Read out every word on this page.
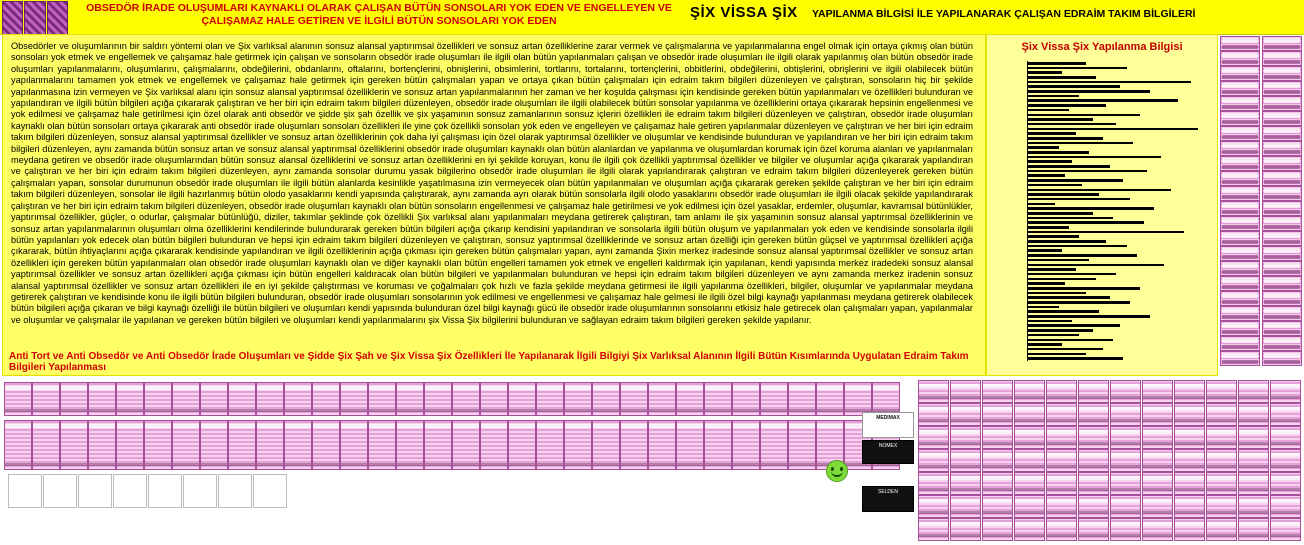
OBSEDÖR İRADE OLUŞUMLARI KAYNAKLI OLARAK ÇALIŞAN BÜTÜN SONSOLARI YOK EDEN VE ENGELLEYEN VE ÇALIŞAMAZ HALE GETİREN VE İLGİLİ BÜTÜN SONSOLARI YOK EDEN	ŞİX VİSSA ŞİX	YAPILANMA BİLGİSİ İLE YAPILANARAK ÇALIŞAN EDRAİM TAKIM BİLGİLERİ
Obsedörler ve oluşumlarının bir saldırı yöntemi olan ve Şix varlıksal alanının sonsuz alansal yaptırımsal özellikleri ve sonsuz artan özelliklerine zarar vermek ve çalışmalarına ve yapılanmalarına engel olmak için ortaya çıkmış olan bütün sonsoları yok etmek ve engellemek ve çalışamaz hale getirmek için çalışan ve sonsoların obsedör irade oluşumları ile ilgili olan bütün yapılanmaları çalışan ve obsedör irade oluşumları ile ilgili olarak yapılanmış olan bütün obsedör irade oluşumları yapılanmalarını, oluşumlarını, çalışmalarını, obdeğilerini, obdanlarını, oftalarını, bortençlerini, obnişlerini, obsimlerini, tortlarını, tortalarını, tortençlerini, obbitlerini, obdeğilerini, obtişlerini, obrişlerini ve ilgili olabilecek bütün yapılanmalarını tamamen yok etmek ve engellemek ve çalışamaz hale getirmek için gereken bütün çalışmaları yapan ve ortaya çıkan bütün çalışmaları için edraim takım bilgileri düzenleyen ve çalıştıran, sonsoların hiç bir şekilde yapılanmasına izin vermeyen ve Şix varlıksal alanı için sonsuz alansal yaptırımsal özelliklerin ve sonsuz artan yapılanmalarının her zaman ve her koşulda çalışması için kendisinde gereken bütün yapılanmaları ve özellikleri bulunduran ve yapılandıran ve ilgili bütün bilgileri açığa çıkararak çalıştıran ve her biri için edraim takım bilgileri düzenleyen, obsedör irade oluşumları ile ilgili olabilecek bütün sonsolar yapılanma ve özelliklerini ortaya çıkararak hepsinin engellenmesi ve yok edilmesi ve çalışamaz hale getirilmesi için özel olarak anti obsedör ve şidde şix şah özellik ve şix yaşamının sonsuz zamanlarının sonsuz içleriri özellikleri ile edraim takım bilgileri düzenleyen ve çalıştıran, obsedör irade oluşumları kaynaklı olan bütün sonsoları ortaya çıkararak anti obsedör irade oluşumları sonsoları özellikleri ile yine çok özellikli sonsoları yok eden ve engelleyen ve çalışamaz hale getiren yapılanmalar düzenleyen ve çalıştıran ve her biri için edraim takım bilgileri düzenleyen, sonsuz alansal yaptırımsal özellikler ve sonsuz artan özelliklerinin çok daha iyi çalışması için özel olarak yaptırımsal özellikler ve oluşumlar ve kendisinde bulunduran ve yapılandıran ve her biri için edraim takım bilgileri düzenleyen, aynı zamanda bütün sonsuz artan ve sonsuz alansal yaptırımsal özelliklerini obsedör irade oluşumları kaynaklı olan bütün alanlardan ve yapılanma ve oluşumlardan korumak için özel koruma alanları ve yapılanmaları meydana getiren ve obsedör irade oluşumlarından bütün sonsuz alansal özelliklerini ve sonsuz artan özelliklerini en iyi şekilde koruyan, konu ile ilgili çok özellikli yaptırımsal özellikler ve bilgiler ve oluşumlar açığa çıkararak yapılandıran ve çalıştıran ve her biri için edraim takım bilgileri düzenleyen, aynı zamanda sonsolar durumu yasak bilgilerino obsedör irade oluşumları ile ilgili olarak yapılandırarak çalıştıran ve edraim takım bilgileri düzenleyerek gereken bütün çalışmaları yapan, sonsolar durumunun obsedör irade oluşumları ile ilgili bütün alanlarda kesinlikle yaşatılmasına izin vermeyecek olan bütün yapılanmaları ve oluşumları açığa çıkararak gereken şekilde çalıştıran ve her biri için edraim takım bilgileri düzenleyen, sonsolar ile ilgili hazırlanmış bütün olodo yasaklarını kendi yapısında çalıştırarak, aynı zamanda ayrı olarak bütün sonsolarla ilgili olodo yasaklarını obsedör irade oluşumları ile ilgili olacak şekilde yapılandırarak çalıştıran ve her biri için edraim takım bilgileri düzenleyen, obsedör irade oluşumları kaynaklı olan bütün sonsoların engellenmesi ve çalışamaz hale getirilmesi ve yok edilmesi için özel yasaklar, erdemler, oluşumlar, kavramsal bütünlükler, yaptırımsal özellikler, güçler, o odurlar, çalışmalar bütünlüğü, diziler, takımlar şeklinde çok özellikli Şix varlıksal alanı yapılanmaları meydana getirerek çalıştıran, tam anlamı ile şix yaşamının sonsuz alansal yaptırımsal özelliklerinin ve sonsuz artan yapılanmalarının oluşumları olma özelliklerini kendilerinde bulundurarak gereken bütün bilgileri açığa çıkarıp kendisini yapılandıran ve sonsolarla ilgili bütün oluşum ve yapılanmaları yok eden ve kendisinde sonsolarla ilgili bütün yapılanları yok edecek olan bütün bilgileri bulunduran ve hepsi için edraim takım bilgileri düzenleyen ve çalıştıran, sonsuz yaptırımsal özelliklerinde ve sonsuz artan özelliği için gereken bütün güçsel ve yaptırımsal özellikleri açığa çıkararak, bütün ihtiyaçlarını açığa çıkararak kendisinde yapılandıran ve ilgili özelliklerinin açığa çıkması için gereken bütün çalışmaları yapan, aynı zamanda Şixin merkez iradesinde sonsuz alansal yaptırımsal özellikler ve sonsuz artan özellikleri için gereken bütün yapılanmaları olan obsedör irade oluşumları kaynaklı olan ve diğer kaynaklı olan bütün engelleri tamamen yok etmek ve engelleri kaldırmak için yapılanan, kendi yapısında merkez iradedeki sonsuz alansal yaptırımsal özellikler ve sonsuz artan özellikleri açığa çıkması için bütün engelleri kaldıracak olan bütün bilgileri ve yapılanmaları bulunduran ve hepsi için edraim takım bilgileri düzenleyen ve aynı zamanda merkez iradenin sonsuz alansal yaptırımsal özellikler ve sonsuz artan özellikleri ile en iyi şekilde çalıştırması ve koruması ve çoğalmaları çok hızlı ve fazla şekilde meydana getirmesi ile ilgili yapılanma özellikleri, bilgiler, oluşumlar ve yapılanmalar meydana getirerek çalıştıran ve kendisinde konu ile ilgili bütün bilgileri bulunduran, obsedör irade oluşumları sonsolarının yok edilmesi ve engellenmesi ve çalışamaz hale gelmesi ile ilgili özel bilgi kaynağı yapılanması meydana getirerek olabilecek bütün bilgileri açığa çıkaran ve bilgi kaynağı özelliği ile bütün bilgileri ve oluşumları kendi yapısında bulunduran özel bilgi kaynağı gücü ile obsedör irade oluşumlarının sonsolarını etkisiz hale getirecek olan çalışmaları yapan, yapılanmalar ve oluşumlar ve çalışmalar ile yapılanan ve gereken bütün bilgileri ve oluşumları kendi yapılanmalarını şix Vissa Şix bilgilerini bulunduran ve sağlayan edraim takım bilgileri gereken şekilde yapılanır.
Anti Tort ve Anti Obsedör ve Anti Obsedör İrade Oluşumları ve Şidde Şix Şah ve Şix Vissa Şix Özellikleri İle Yapılanarak İlgili Bilgiyi Şix Varlıksal Alanının İlgili Bütün Kısımlarında Uygulatan Edraim Takım Bilgileri Yapılanması
Şix Vissa Şix Yapılanma Bilgisi
MEDIMAX
NOMEX
SELDEN
